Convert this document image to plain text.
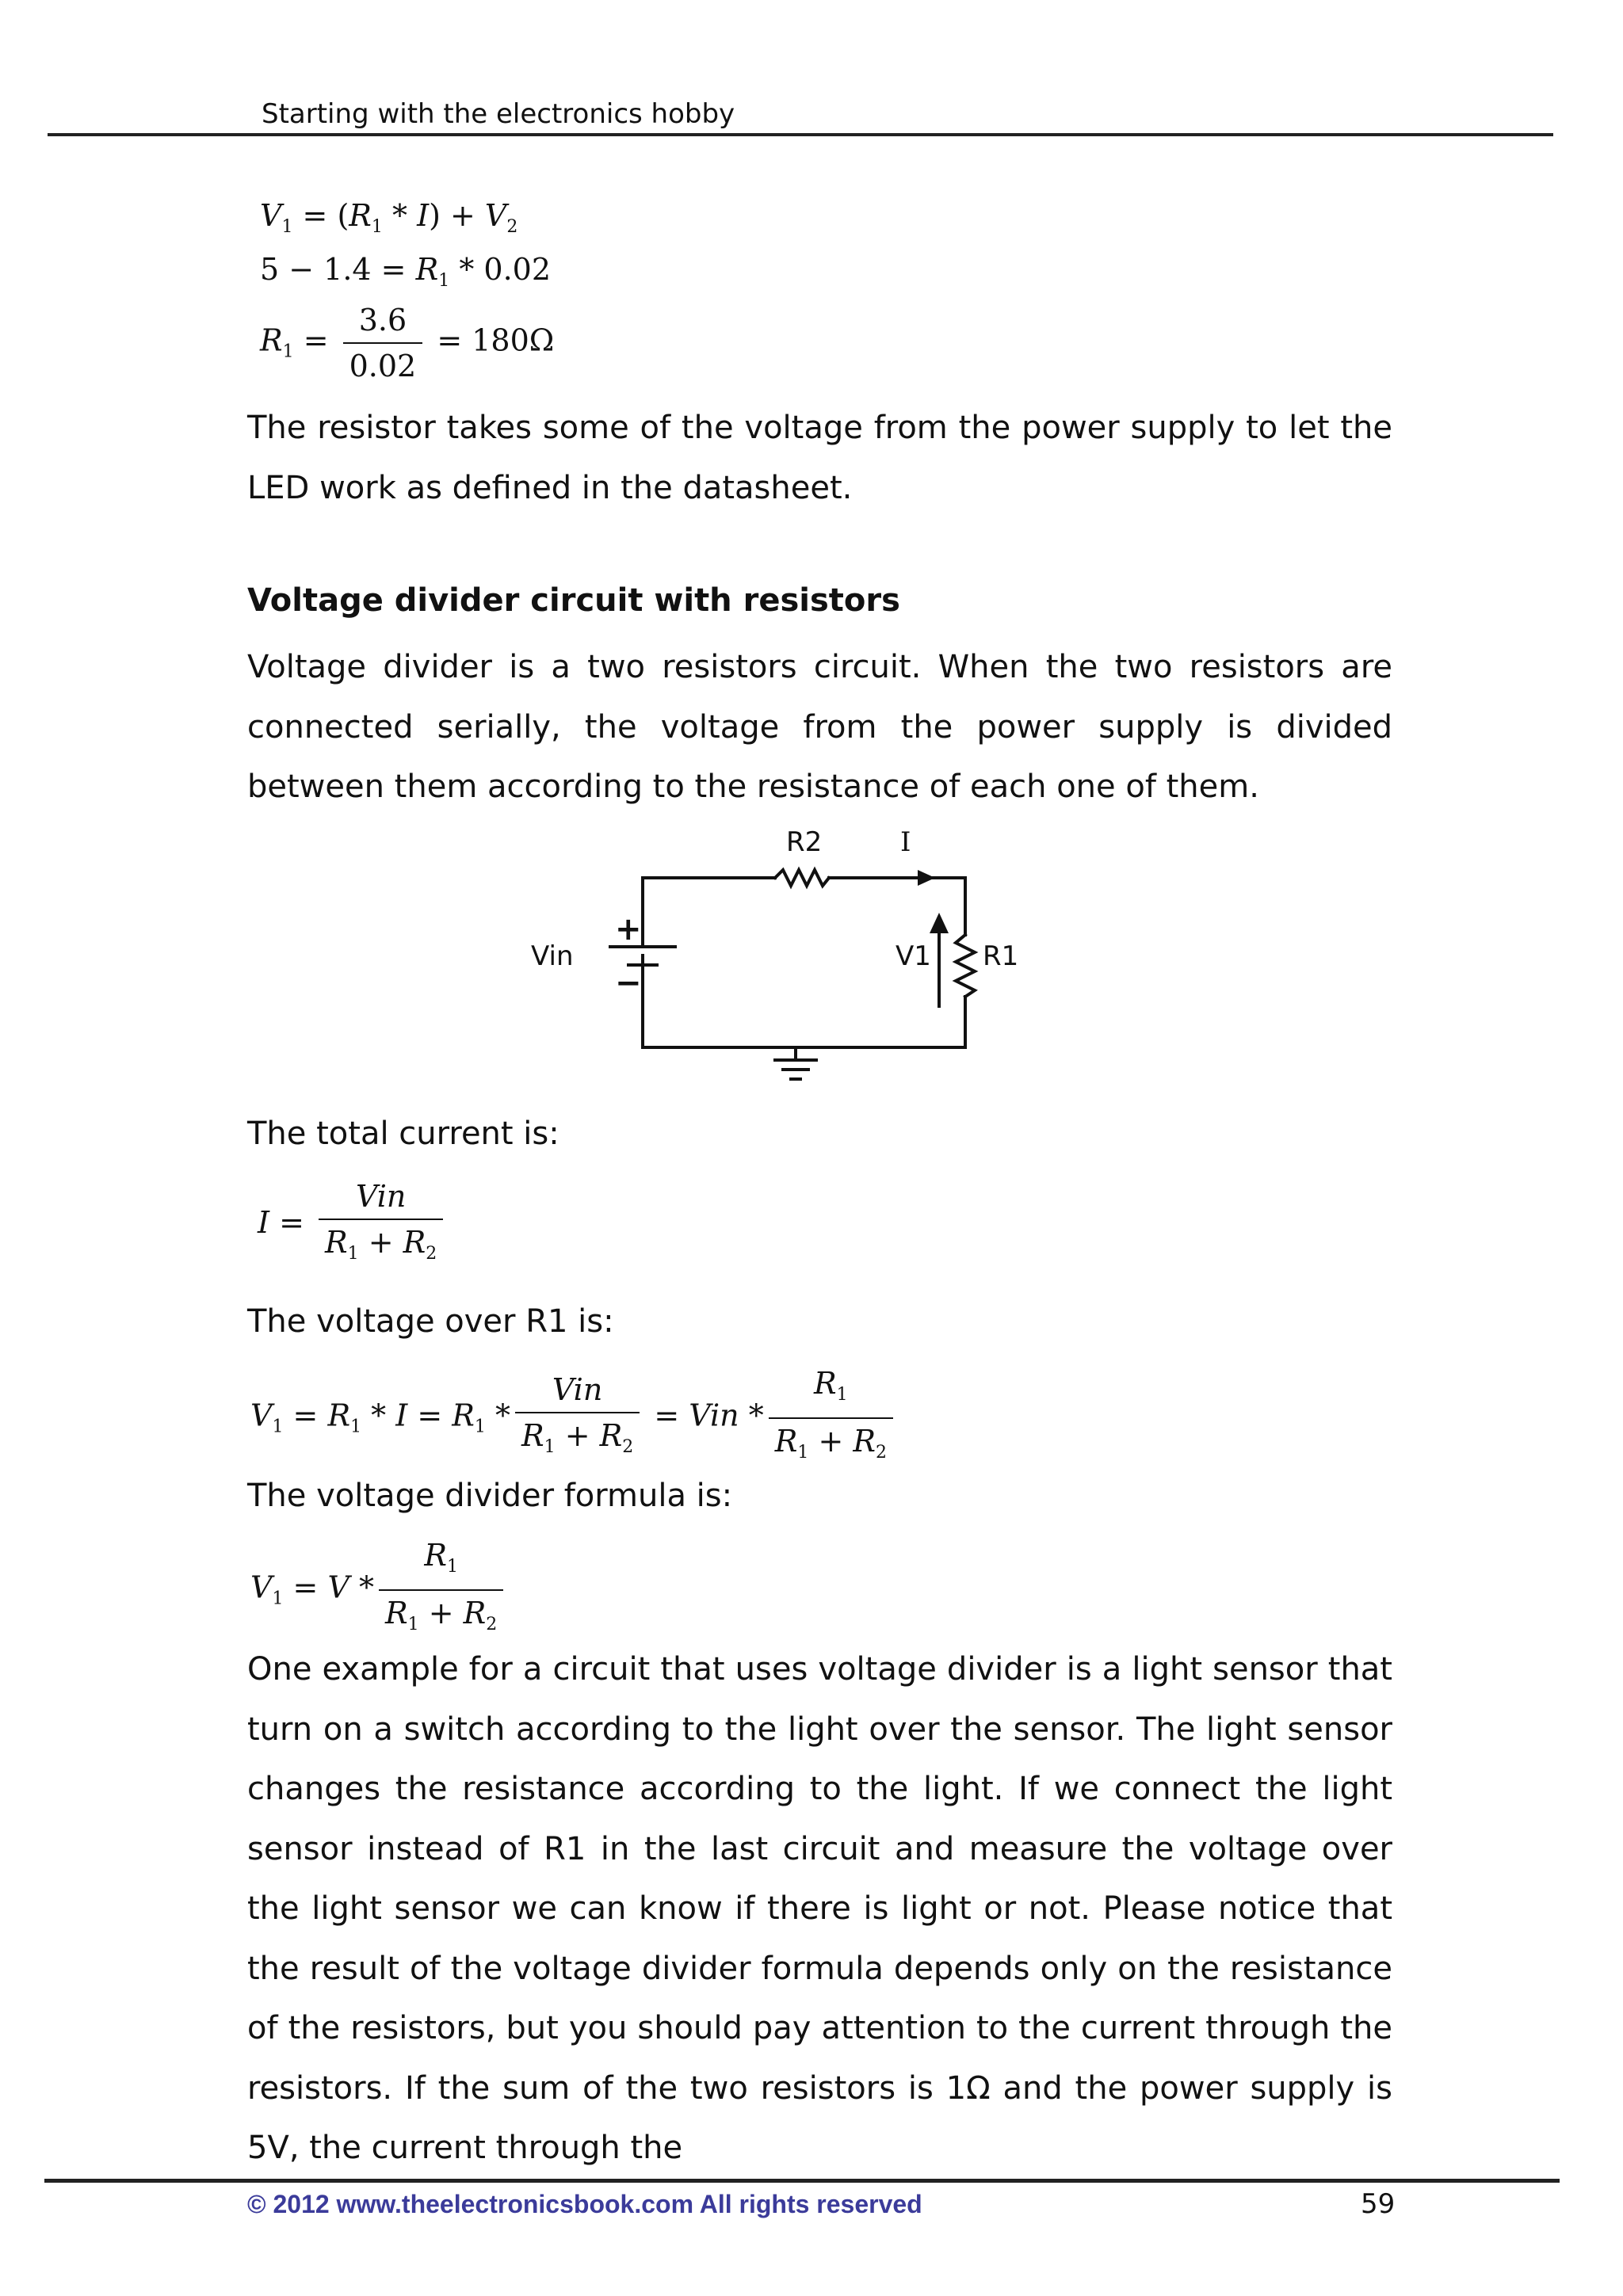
Starting with the electronics hobby
$V_1 = (R_1 * I) + V_2$
$5 - 1.4 = R_1 * 0.02$
$R_1 = \frac{3.6}{0.02} = 180\Omega$

The resistor takes some of the voltage from the power supply to let the LED work as defined in the datasheet.

Voltage divider circuit with resistors

Voltage divider is a two resistors circuit. When the two resistors are connected serially, the voltage from the power supply is divided between them according to the resistance of each one of them.

R2	I
Vin	V1 R1
+
−

The total current is:

$I = \frac{\text{Vin}}{R_1 + R_2}$

The voltage over R1 is:

$V_1 = R_1 * I = R_1 * \frac{\text{Vin}}{R_1 + R_2}$ = Vin * $\frac{R_1}{R_1 + R_2}$

The voltage divider formula is:

$V_1 = V * \frac{R_1}{R_1 + R_2}$

One example for a circuit that uses voltage divider is a light sensor that turn on a switch according to the light over the sensor. The light sensor changes the resistance according to the light. If we connect the light sensor instead of R1 in the last circuit and measure the voltage over the light sensor we can know if there is light or not. Please notice that the result of the voltage divider formula depends only on the resistance of the resistors, but you should pay attention to the current through the resistors. If the sum of the two resistors is 1Ω and the power supply is 5V, the current through the

© 2012 www.theelectronicsbook.com All rights reserved	59
